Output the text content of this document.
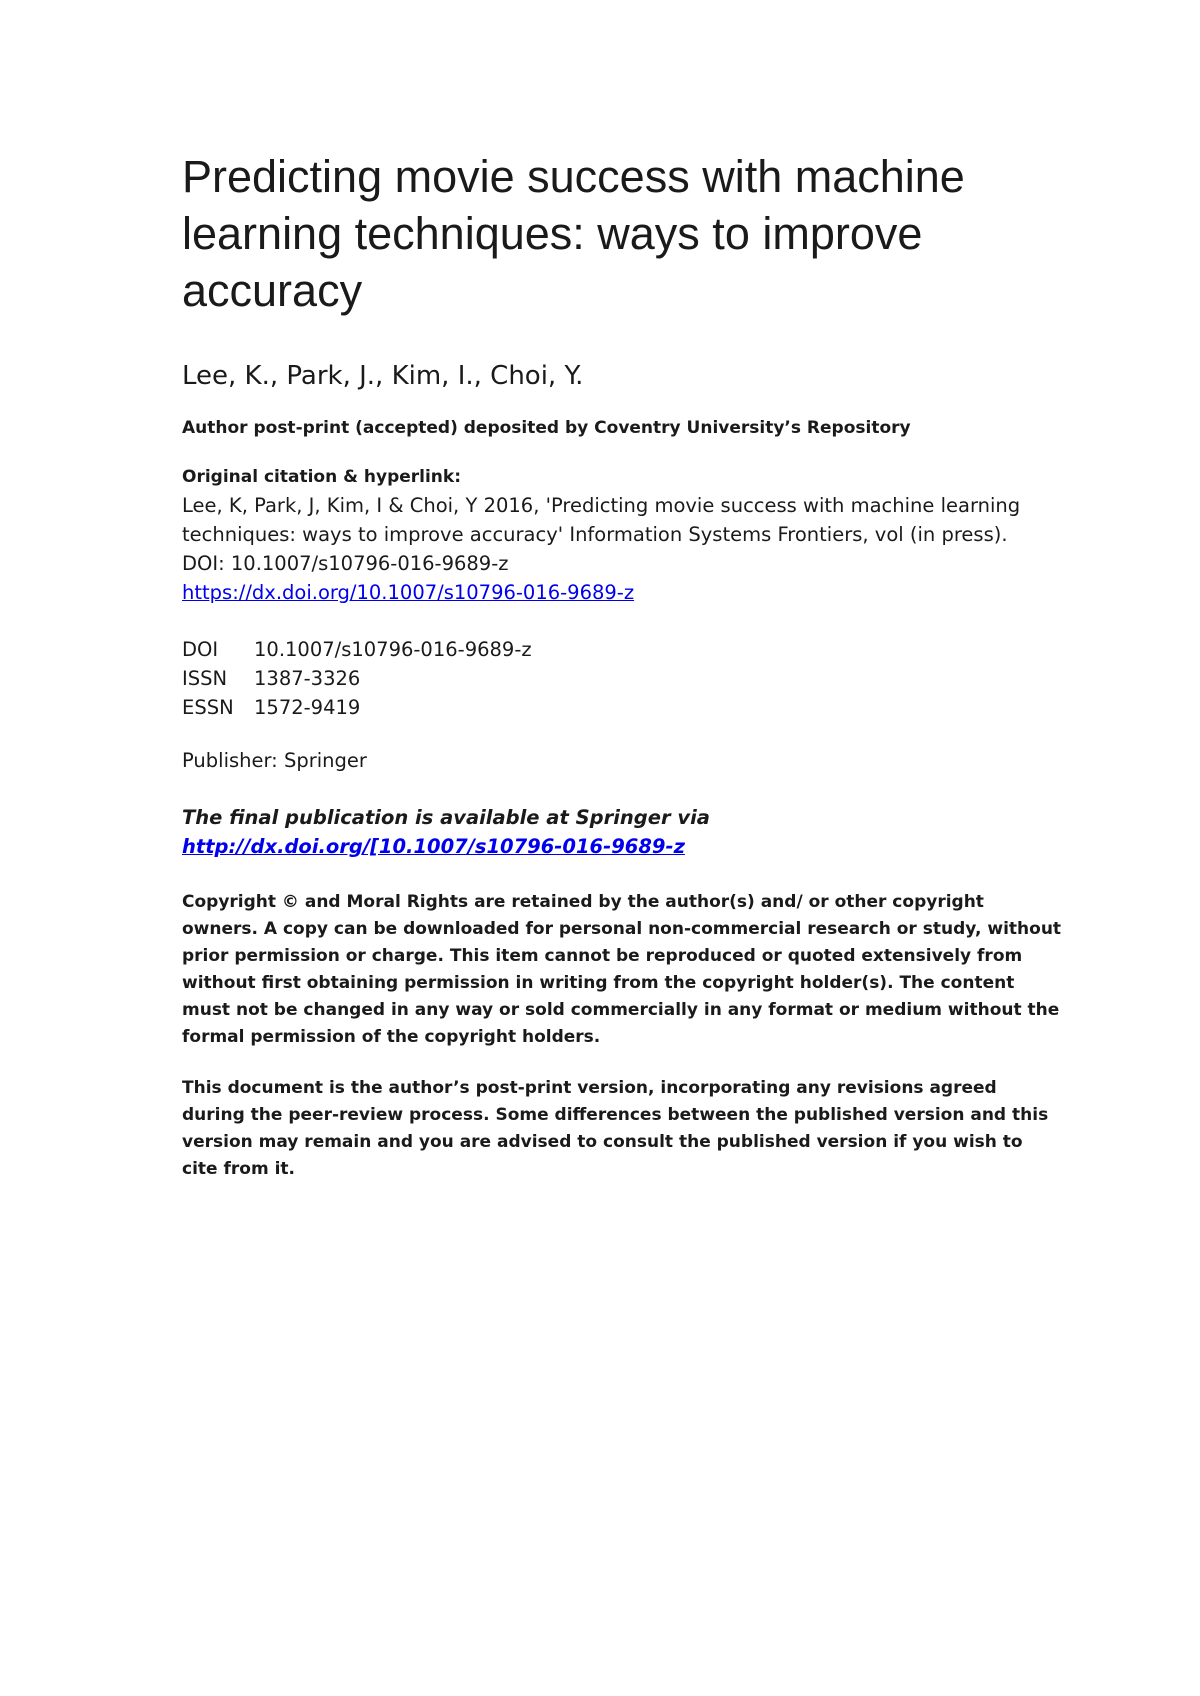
Predicting movie success with machine learning techniques: ways to improve accuracy
Lee, K., Park, J., Kim, I., Choi, Y.
Author post-print (accepted) deposited by Coventry University’s Repository
Original citation & hyperlink:

Lee, K, Park, J, Kim, I & Choi, Y 2016, 'Predicting movie success with machine learning techniques: ways to improve accuracy' Information Systems Frontiers, vol (in press).

DOI: 10.1007/s10796-016-9689-z
https://dx.doi.org/10.1007/s10796-016-9689-z
DOI	10.1007/s10796-016-9689-z
ISSN	1387-3326
ESSN	1572-9419
Publisher: Springer
The final publication is available at Springer via
http://dx.doi.org/[10.1007/s10796-016-9689-z
Copyright © and Moral Rights are retained by the author(s) and/ or other copyright owners. A copy can be downloaded for personal non-commercial research or study, without prior permission or charge. This item cannot be reproduced or quoted extensively from without first obtaining permission in writing from the copyright holder(s). The content must not be changed in any way or sold commercially in any format or medium without the formal permission of the copyright holders.
This document is the author’s post-print version, incorporating any revisions agreed during the peer-review process. Some differences between the published version and this version may remain and you are advised to consult the published version if you wish to cite from it.
